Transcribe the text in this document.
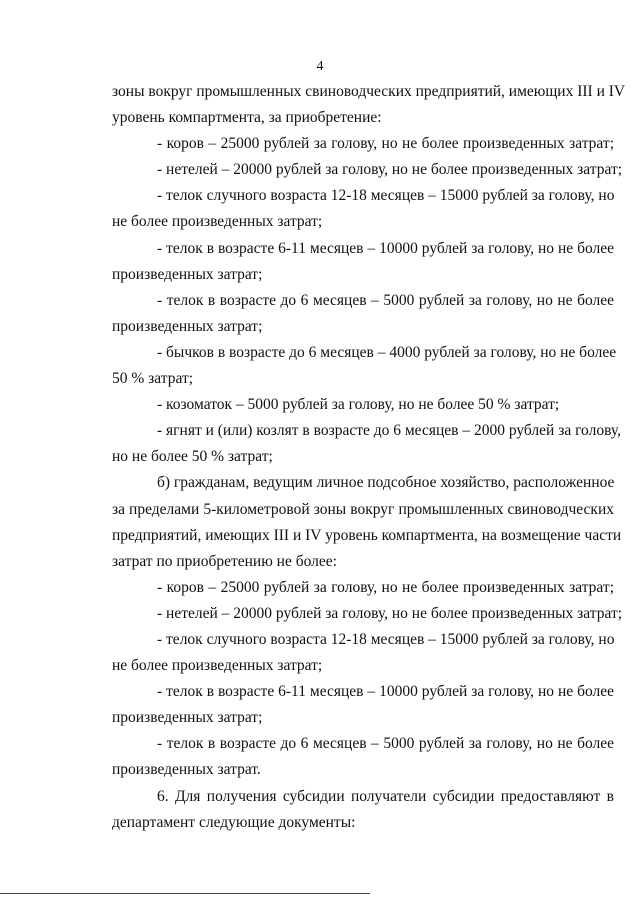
4
зоны вокруг промышленных свиноводческих предприятий, имеющих III и IV
уровень компартмента, за приобретение:
- коров – 25000 рублей за голову, но не более произведенных затрат;
- нетелей – 20000 рублей за голову, но не более произведенных затрат;
- телок случного возраста 12-18 месяцев – 15000 рублей за голову, но
не более произведенных затрат;
- телок в возрасте 6-11 месяцев – 10000 рублей за голову, но не более
произведенных затрат;
- телок в возрасте до 6 месяцев – 5000 рублей за голову, но не более
произведенных затрат;
- бычков в возрасте до 6 месяцев – 4000 рублей за голову, но не более
50 % затрат;
- козоматок – 5000 рублей за голову, но не более 50 % затрат;
- ягнят и (или) козлят в возрасте до 6 месяцев – 2000 рублей за голову,
но не более 50 % затрат;
б) гражданам, ведущим личное подсобное хозяйство, расположенное
за пределами 5-километровой зоны вокруг промышленных свиноводческих
предприятий, имеющих III и IV уровень компартмента, на возмещение части
затрат по приобретению не более:
- коров – 25000 рублей за голову, но не более произведенных затрат;
- нетелей – 20000 рублей за голову, но не более произведенных затрат;
- телок случного возраста 12-18 месяцев – 15000 рублей за голову, но
не более произведенных затрат;
- телок в возрасте 6-11 месяцев – 10000 рублей за голову, но не более
произведенных затрат;
- телок в возрасте до 6 месяцев – 5000 рублей за голову, но не более
произведенных затрат.
6. Для получения субсидии получатели субсидии предоставляют в
департамент следующие документы:
